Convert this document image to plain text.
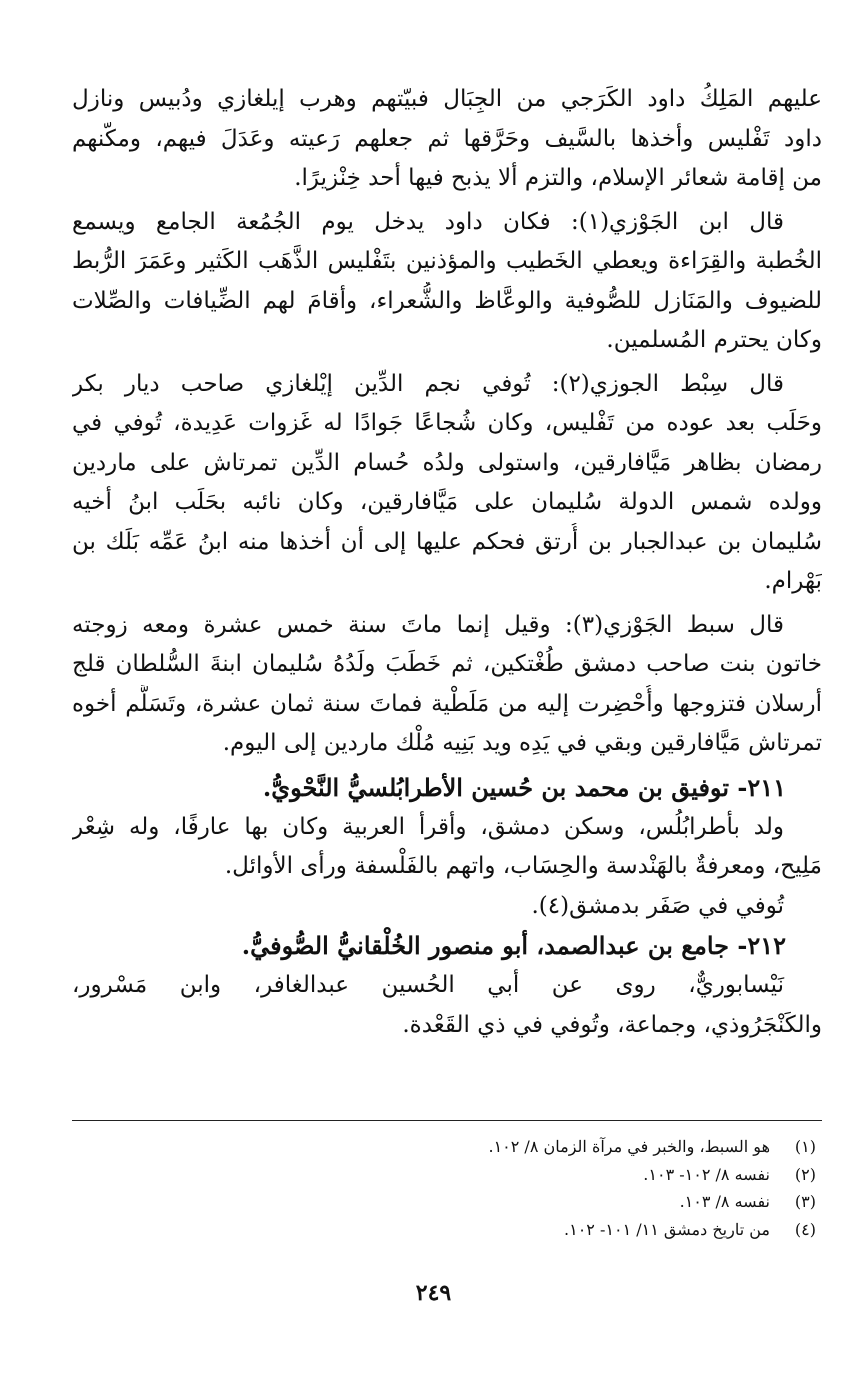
عليهم المَلِكُ داود الكَرَجي من الجِبَال فبيّتهم وهرب إيلغازي ودُبيس ونازل
داود تَفْليس وأخذها بالسَّيف وحَرَّقها ثم جعلهم رَعيته وعَدَلَ فيهم، ومكّنهم
من إقامة شعائر الإسلام، والتزم ألا يذبح فيها أحد خِنْزيرًا.
قال ابن الجَوْزي(١): فكان داود يدخل يوم الجُمُعة الجامع ويسمع
الخُطبة والقِرَاءة ويعطي الخَطيب والمؤذنين بتَفْليس الذَّهَب الكَثير وعَمَرَ الرُّبط
للضيوف والمَنَازل للصُّوفية والوعَّاظ والشُّعراء، وأقامَ لهم الضِّيافات والصِّلات
وكان يحترم المُسلمين.
قال سِبْط الجوزي(٢): تُوفي نجم الدِّين إيْلغازي صاحب ديار بكر
وحَلَب بعد عوده من تَفْليس، وكان شُجاعًا جَوادًا له غَزوات عَدِيدة، تُوفي في
رمضان بظاهر مَيَّافارقين، واستولى ولدُه حُسام الدِّين تمرتاش على ماردين
وولده شمس الدولة سُليمان على مَيَّافارقين، وكان نائبه بحَلَب ابنُ أخيه
سُليمان بن عبدالجبار بن أُرتق فحكم عليها إلى أن أخذها منه ابنُ عَمِّه بَلَك بن
بَهْرام.
قال سبط الجَوْزي(٣): وقيل إنما ماتَ سنة خمس عشرة ومعه زوجته
خاتون بنت صاحب دمشق طُغْتكين، ثم خَطَبَ ولَدُهُ سُليمان ابنةَ السُّلطان قلج
أرسلان فتزوجها وأُحْضِرت إليه من مَلَطْية فماتَ سنة ثمان عشرة، وتَسَلَّم أخوه
تمرتاش مَيَّافارقين وبقي في يَدِه ويد بَنِيه مُلْك ماردين إلى اليوم.
٢١١- توفيق بن محمد بن حُسين الأطرابُلسيُّ النَّحْويُّ.
ولد بأطرابُلُس، وسكن دمشق، وأقرأ العربية وكان بها عارفًا، وله شِعْر
مَلِيح، ومعرفةٌ بالهَنْدسة والحِسَاب، واتهم بالفَلْسفة ورأى الأوائل.
تُوفي في صَفَر بدمشق(٤).
٢١٢- جامع بن عبدالصمد، أبو منصور الخُلْقانيُّ الصُّوفيُّ.
نَيْسابوريٌّ، روى عن أبي الحُسين عبدالغافر، وابن مَسْرور،
والكَنْجَرُوذي، وجماعة، وتُوفي في ذي القَعْدة.
(١)
هو السبط، والخبر في مرآة الزمان ٨/ ١٠٢.
(٢)
نفسه ٨/ ١٠٢- ١٠٣.
(٣)
نفسه ٨/ ١٠٣.
(٤)
من تاريخ دمشق ١١/ ١٠١- ١٠٢.
٢٤٩
